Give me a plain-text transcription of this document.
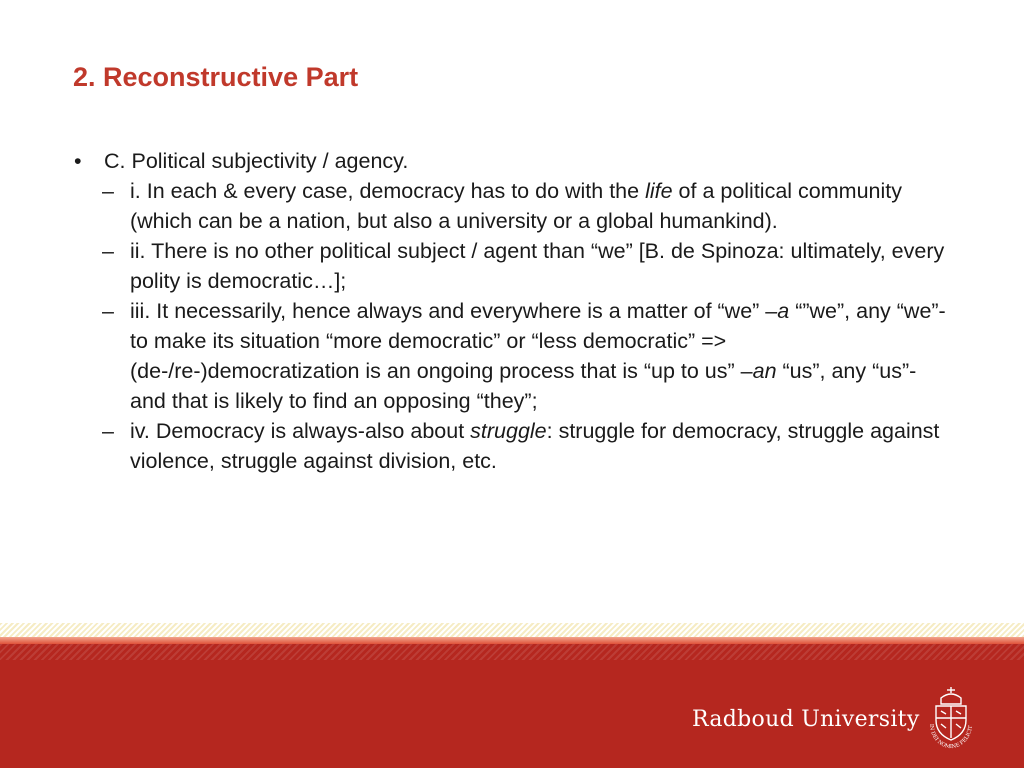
2. Reconstructive Part
• C. Political subjectivity / agency.
– i. In each & every case, democracy has to do with the life of a political community (which can be a nation, but also a university or a global humankind).
– ii. There is no other political subject / agent than “we” [B. de Spinoza: ultimately, every polity is democratic…];
– iii. It necessarily, hence always and everywhere is a matter of “we” –a “”we”, any “we”- to make its situation “more democratic” or “less democratic” => (de-/re-)democratization is an ongoing process that is “up to us” –an “us”, any “us”- and that is likely to find an opposing “they”;
– iv. Democracy is always-also about struggle: struggle for democracy, struggle against violence, struggle against division, etc.
Radboud University	IN DEI NOMINE FELICIT
